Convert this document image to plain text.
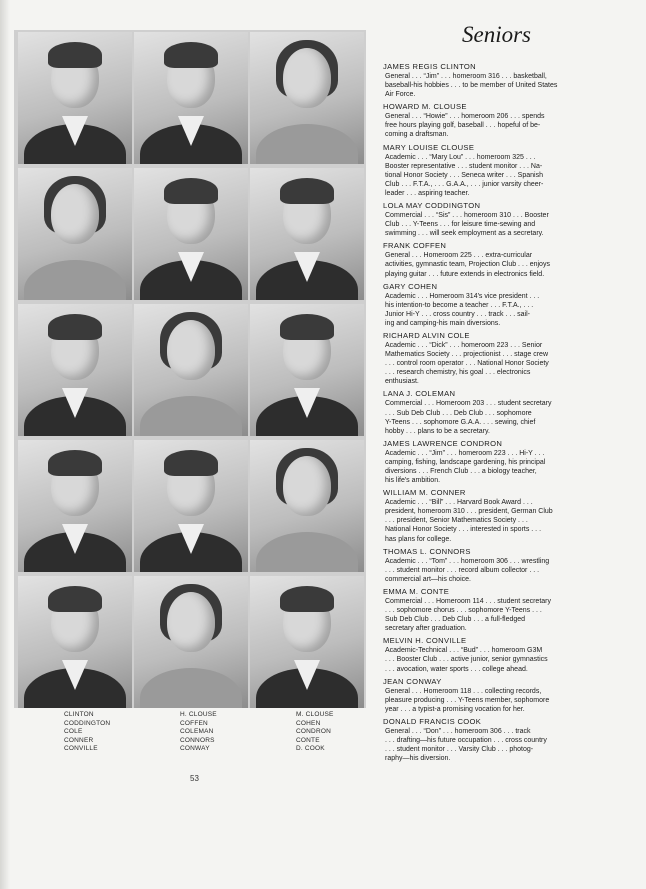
CLINTON
CODDINGTON
COLE
CONNER
CONVILLE
H. CLOUSE
COFFEN
COLEMAN
CONNORS
CONWAY
M. CLOUSE
COHEN
CONDRON
CONTE
D. COOK
53
Seniors
JAMES REGIS CLINTON
General . . . “Jim” . . . homeroom 316 . . . basketball,
baseball-his hobbies . . . to be member of United States
Air Force.
HOWARD M. CLOUSE
General . . . “Howie” . . . homeroom 206 . . . spends
free hours playing golf, baseball . . . hopeful of be-
coming a draftsman.
MARY LOUISE CLOUSE
Academic . . . “Mary Lou” . . . homeroom 325 . . .
Booster representative . . . student monitor . . . Na-
tional Honor Society . . . Seneca writer . . . Spanish
Club . . . F.T.A., . . . G.A.A., . . . junior varsity cheer-
leader . . . aspiring teacher.
LOLA MAY CODDINGTON
Commercial . . . “Sis” . . . homeroom 310 . . . Booster
Club . . . Y-Teens . . . for leisure time-sewing and
swimming . . . will seek employment as a secretary.
FRANK COFFEN
General . . . Homeroom 225 . . . extra-curricular
activities, gymnastic team, Projection Club . . . enjoys
playing guitar . . . future extends in electronics field.
GARY COHEN
Academic . . . Homeroom 314's vice president . . .
his intention-to become a teacher . . . F.T.A., . . .
Junior Hi-Y . . . cross country . . . track . . . sail-
ing and camping-his main diversions.
RICHARD ALVIN COLE
Academic . . . “Dick” . . . homeroom 223 . . . Senior
Mathematics Society . . . projectionist . . . stage crew
. . . control room operator . . . National Honor Society
. . . research chemistry, his goal . . . electronics
enthusiast.
LANA J. COLEMAN
Commercial . . . Homeroom 203 . . . student secretary
. . . Sub Deb Club . . . Deb Club . . . sophomore
Y-Teens . . . sophomore G.A.A. . . . sewing, chief
hobby . . . plans to be a secretary.
JAMES LAWRENCE CONDRON
Academic . . . “Jim” . . . homeroom 223 . . . Hi-Y . . .
camping, fishing, landscape gardening, his principal
diversions . . . French Club . . . a biology teacher,
his life's ambition.
WILLIAM M. CONNER
Academic . . . “Bill” . . . Harvard Book Award . . .
president, homeroom 310 . . . president, German Club
. . . president, Senior Mathematics Society . . .
National Honor Society . . . interested in sports . . .
has plans for college.
THOMAS L. CONNORS
Academic . . . “Tom” . . . homeroom 306 . . . wrestling
. . . student monitor . . . record album collector . . .
commercial art—his choice.
EMMA M. CONTE
Commercial . . . Homeroom 114 . . . student secretary
. . . sophomore chorus . . . sophomore Y-Teens . . .
Sub Deb Club . . . Deb Club . . . a full-fledged
secretary after graduation.
MELVIN H. CONVILLE
Academic-Technical . . . “Bud” . . . homeroom G3M
. . . Booster Club . . . active junior, senior gymnastics
. . . avocation, water sports . . . college ahead.
JEAN CONWAY
General . . . Homeroom 118 . . . collecting records,
pleasure producing . . . Y-Teens member, sophomore
year . . . a typist-a promising vocation for her.
DONALD FRANCIS COOK
General . . . “Don” . . . homeroom 306 . . . track
. . . drafting—his future occupation . . . cross country
. . . student monitor . . . Varsity Club . . . photog-
raphy—his diversion.
